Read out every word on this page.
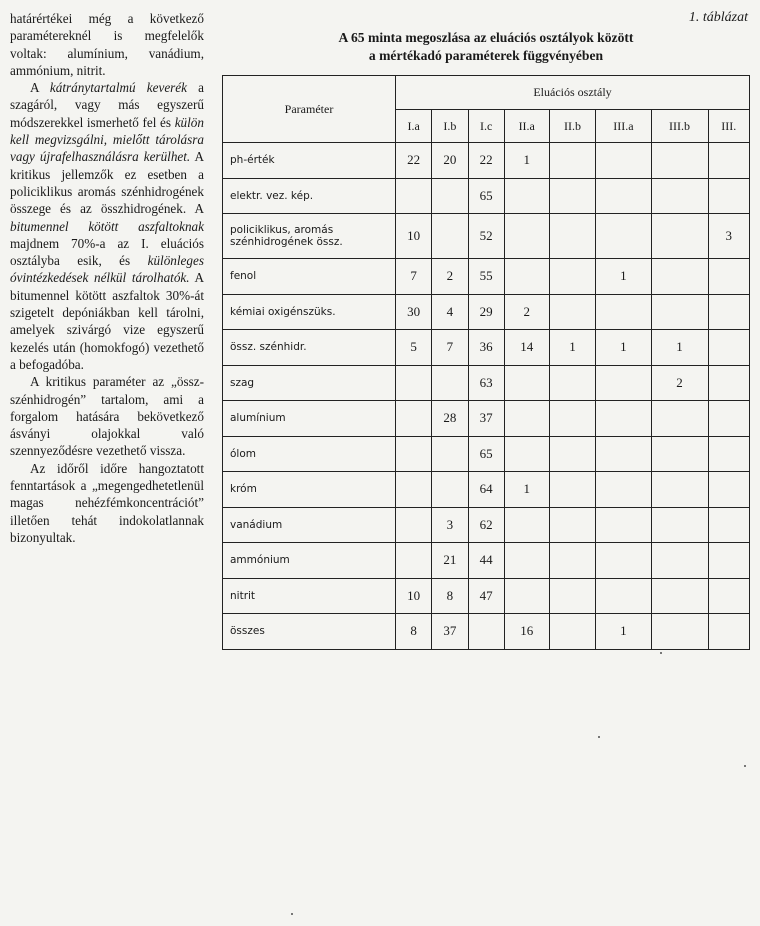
határértékei még a következő paramétereknél is megfelelők voltak: alumínium, vanádium, ammónium, nitrit.

A kátránytartalmú keverék a szagáról, vagy más egyszerű módszerekkel ismerhető fel és külön kell megvizsgálni, mielőtt tárolásra vagy újrafelhasználásra kerülhet. A kritikus jellemzők ez esetben a policiklikus aromás szénhidrogének összege és az összhidrogének. A bitumennel kötött aszfaltoknak majdnem 70%-a az I. eluációs osztályba esik, és különleges óvintézkedések nélkül tárolhatók. A bitumennel kötött aszfaltok 30%-át szigetelt depóniákban kell tárolni, amelyek szivárgó vize egyszerű kezelés után (homokfogó) vezethető a befogadóba.

A kritikus paraméter az „össz-szénhidrogén” tartalom, ami a forgalom hatására bekövetkező ásványi olajokkal való szennyeződésre vezethető vissza.

Az időről időre hangoztatott fenntartások a „megengedhetetlenül magas nehézfémkoncentrációt” illetően tehát indokolatlannak bizonyultak.

1. táblázat
A 65 minta megoszlása az eluációs osztályok között
a mértékadó paraméterek függvényében
Paraméter	Eluációs osztály							
	I.a	I.b	I.c	II.a	II.b	III.a	III.b	III.
ph-érték	22	20	22	1				
elektr. vez. kép.			65					
policiklikus, aromás szénhidrogének össz.	10		52					3
fenol	7	2	55			1		
kémiai oxigénszüks.	30	4	29	2				
össz. szénhidr.	5	7	36	14	1	1	1	
szag			63				2	
alumínium		28	37					
ólom			65					
króm			64	1				
vanádium		3	62					
ammónium		21	44					
nitrit	10	8	47					
összes	8	37		16		1		
